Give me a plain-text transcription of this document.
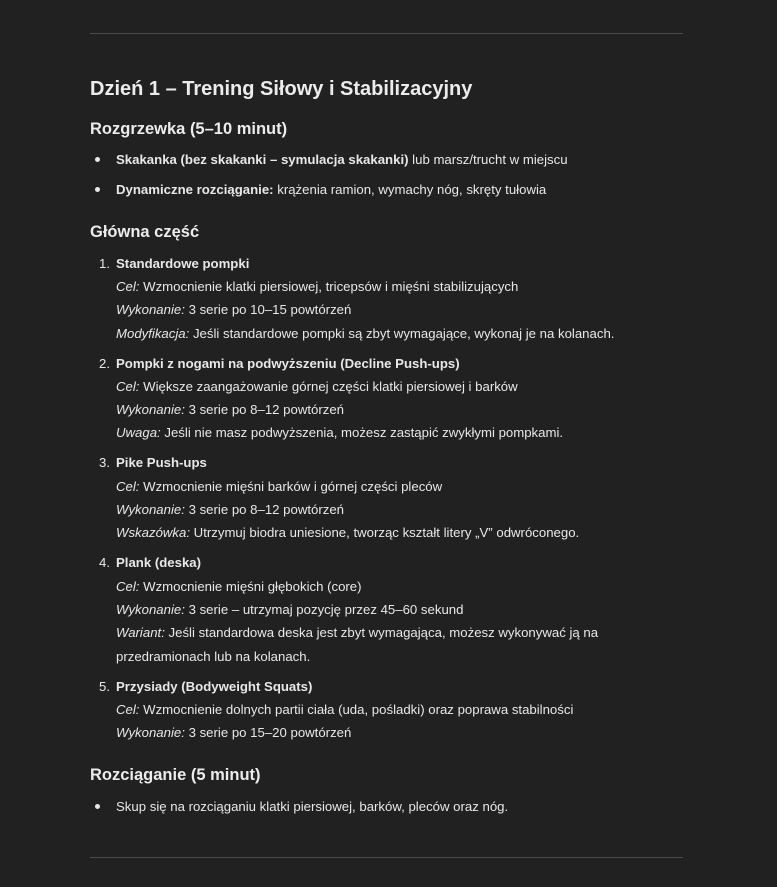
Dzień 1 – Trening Siłowy i Stabilizacyjny
Rozgrzewka (5–10 minut)
Skakanka (bez skakanki – symulacja skakanki) lub marsz/trucht w miejscu
Dynamiczne rozciąganie: krążenia ramion, wymachy nóg, skręty tułowia
Główna część
1. Standardowe pompki
Cel: Wzmocnienie klatki piersiowej, tricepsów i mięśni stabilizujących
Wykonanie: 3 serie po 10–15 powtórzeń
Modyfikacja: Jeśli standardowe pompki są zbyt wymagające, wykonaj je na kolanach.
2. Pompki z nogami na podwyższeniu (Decline Push-ups)
Cel: Większe zaangażowanie górnej części klatki piersiowej i barków
Wykonanie: 3 serie po 8–12 powtórzeń
Uwaga: Jeśli nie masz podwyższenia, możesz zastąpić zwykłymi pompkami.
3. Pike Push-ups
Cel: Wzmocnienie mięśni barków i górnej części pleców
Wykonanie: 3 serie po 8–12 powtórzeń
Wskazówka: Utrzymuj biodra uniesione, tworząc kształt litery „V” odwróconego.
4. Plank (deska)
Cel: Wzmocnienie mięśni głębokich (core)
Wykonanie: 3 serie – utrzymaj pozycję przez 45–60 sekund
Wariant: Jeśli standardowa deska jest zbyt wymagająca, możesz wykonywać ją na
przedramionach lub na kolanach.
5. Przysiady (Bodyweight Squats)
Cel: Wzmocnienie dolnych partii ciała (uda, pośladki) oraz poprawa stabilności
Wykonanie: 3 serie po 15–20 powtórzeń
Rozciąganie (5 minut)
Skup się na rozciąganiu klatki piersiowej, barków, pleców oraz nóg.
